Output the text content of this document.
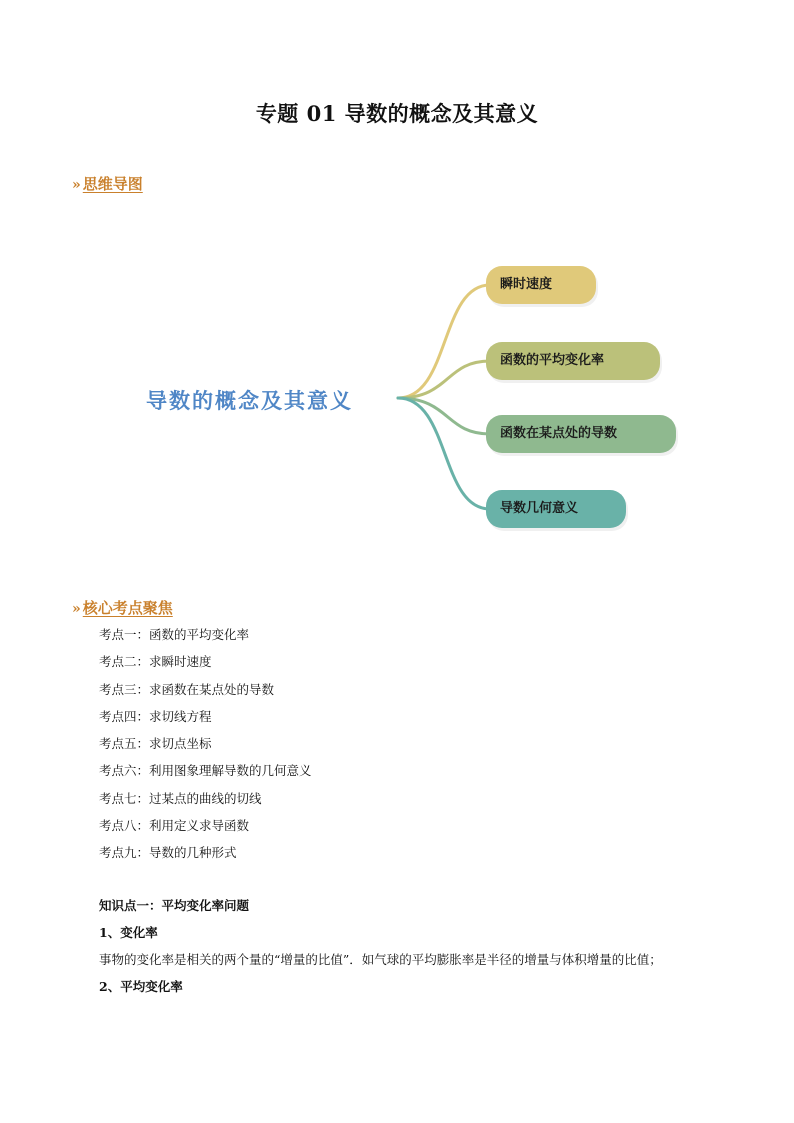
专题 01 导数的概念及其意义
» 思维导图
导数的概念及其意义
瞬时速度
函数的平均变化率
函数在某点处的导数
导数几何意义
» 核心考点聚焦
考点一：函数的平均变化率
考点二：求瞬时速度
考点三：求函数在某点处的导数
考点四：求切线方程
考点五：求切点坐标
考点六：利用图象理解导数的几何意义
考点七：过某点的曲线的切线
考点八：利用定义求导函数
考点九：导数的几种形式
知识点一：平均变化率问题
1、变化率
事物的变化率是相关的两个量的“增量的比值”．如气球的平均膨胀率是半径的增量与体积增量的比值；
2、平均变化率
